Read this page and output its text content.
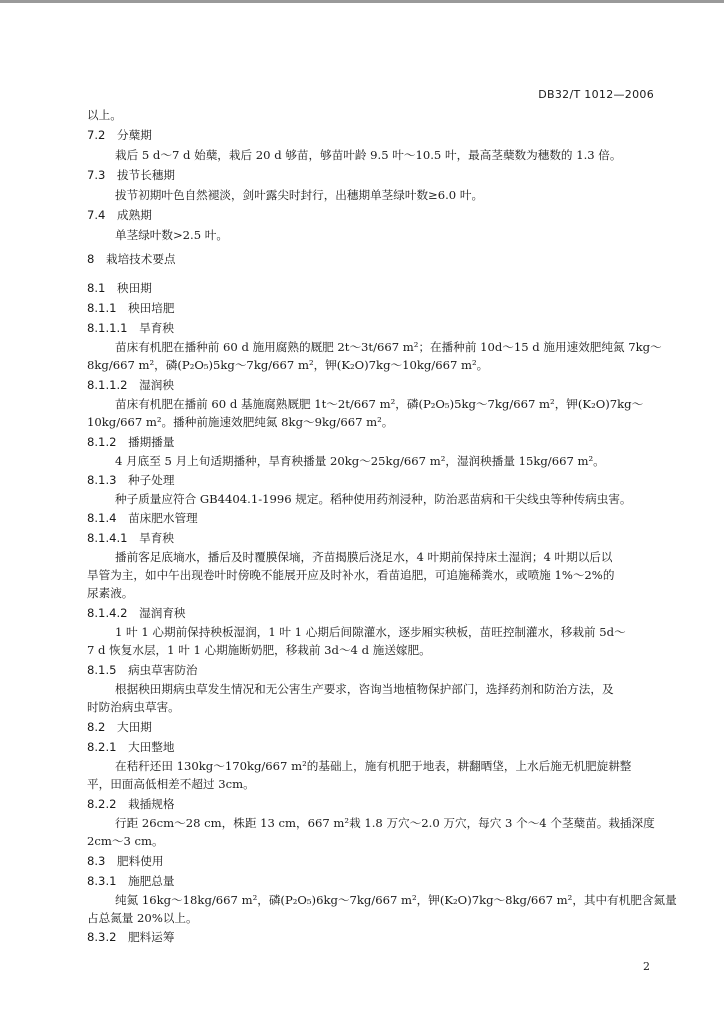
DB32/T 1012—2006
以上。
7.2　分蘖期
栽后 5 d～7 d 始蘖，栽后 20 d 够苗，够苗叶龄 9.5 叶～10.5 叶，最高茎蘖数为穗数的 1.3 倍。
7.3　拔节长穗期
拔节初期叶色自然褪淡，剑叶露尖时封行，出穗期单茎绿叶数≥6.0 叶。
7.4　成熟期
单茎绿叶数>2.5 叶。
8　栽培技术要点
8.1　秧田期
8.1.1　秧田培肥
8.1.1.1　旱育秧
苗床有机肥在播种前 60 d 施用腐熟的厩肥 2t～3t/667 m²；在播种前 10d～15 d 施用速效肥纯氮 7kg～
8kg/667 m²，磷(P₂O₅)5kg～7kg/667 m²，钾(K₂O)7kg～10kg/667 m²。
8.1.1.2　湿润秧
苗床有机肥在播前 60 d 基施腐熟厩肥 1t～2t/667 m²，磷(P₂O₅)5kg～7kg/667 m²，钾(K₂O)7kg～
10kg/667 m²。播种前施速效肥纯氮 8kg～9kg/667 m²。
8.1.2　播期播量
4 月底至 5 月上旬适期播种，旱育秧播量 20kg～25kg/667 m²，湿润秧播量 15kg/667 m²。
8.1.3　种子处理
种子质量应符合 GB4404.1-1996 规定。稻种使用药剂浸种，防治恶苗病和干尖线虫等种传病虫害。
8.1.4　苗床肥水管理
8.1.4.1　旱育秧
播前客足底墒水，播后及时覆膜保墒，齐苗揭膜后浇足水，4 叶期前保持床土湿润；4 叶期以后以
旱管为主，如中午出现卷叶时傍晚不能展开应及时补水，看苗追肥，可追施稀粪水，或喷施 1%～2%的
尿素液。
8.1.4.2　湿润育秧
1 叶 1 心期前保持秧板湿润，1 叶 1 心期后间隙灌水，逐步厢实秧板，苗旺控制灌水，移栽前 5d～
7 d 恢复水层，1 叶 1 心期施断奶肥，移栽前 3d～4 d 施送嫁肥。
8.1.5　病虫草害防治
根据秧田期病虫草发生情况和无公害生产要求，咨询当地植物保护部门，选择药剂和防治方法，及
时防治病虫草害。
8.2　大田期
8.2.1　大田整地
在秸秆还田 130kg～170kg/667 m²的基础上，施有机肥于地表，耕翻晒垡，上水后施无机肥旋耕整
平，田面高低相差不超过 3cm。
8.2.2　栽插规格
行距 26cm～28 cm，株距 13 cm，667 m²栽 1.8 万穴～2.0 万穴，每穴 3 个～4 个茎蘖苗。栽插深度
2cm～3 cm。
8.3　肥料使用
8.3.1　施肥总量
纯氮 16kg～18kg/667 m²，磷(P₂O₅)6kg～7kg/667 m²，钾(K₂O)7kg～8kg/667 m²，其中有机肥含氮量
占总氮量 20%以上。
8.3.2　肥料运筹
2
